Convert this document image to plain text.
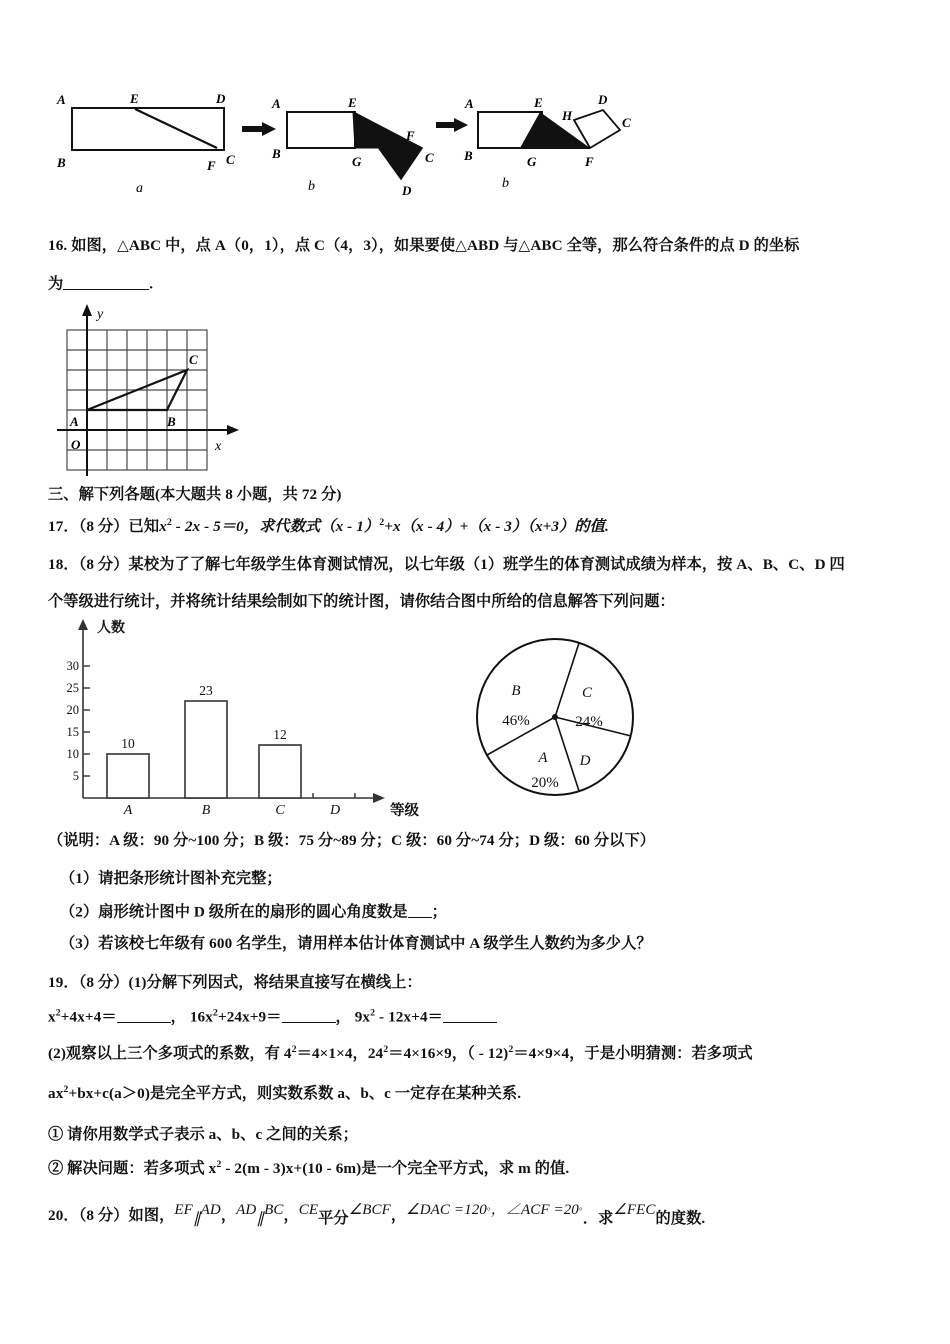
A	E	D
B	F C
a
A	E
B
G
F
C
D
b
A	E	D
H	C
B	G	F
b
16. 如图，△ABC 中，点 A（0，1），点 C（4，3），如果要使△ABD 与△ABC 全等，那么符合条件的点 D 的坐标
为	.
A	B
C
O
y
x
三、解下列各题(本大题共 8 小题，共 72 分)
17．（8 分）已知$x^2 - 2x - 5=0$，求代数式（x - 1）$^2$+x（x - 4）+（x - 3）（x+3）的值.
18．（8 分）某校为了了解七年级学生体育测试情况，以七年级（1）班学生的体育测试成绩为样本，按 A、B、C、D 四
个等级进行统计，并将统计结果绘制如下的统计图，请你结合图中所给的信息解答下列问题：
5
10
15
20
25
30
人数
10
23
12
A	B	C	D	等级
B
46%
C
24%
A
20%
D
（说明：A 级：90 分~100 分；B 级：75 分~89 分；C 级：60 分~74 分；D 级：60 分以下）
（1）请把条形统计图补充完整；
（2）扇形统计图中 D 级所在的扇形的圆心角度数是 ；
（3）若该校七年级有 600 名学生，请用样本估计体育测试中 A 级学生人数约为多少人？
19．（8 分）(1)分解下列因式，将结果直接写在横线上：
$x^2+4x+4=$	， $16x^2+24x+9=$	， $9x^2 - 12x+4=$
(2)观察以上三个多项式的系数，有 $4^2=4\times 1\times 4$，$24^2=4\times 16\times 9$，（ - 12)$^2$＝4×9×4，于是小明猜测：若多项式
$ax^2+bx+c(a>0)$是完全平方式，则实数系数 a、b、c 一定存在某种关系.
① 请你用数学式子表示 a、b、c 之间的关系；
② 解决问题：若多项式 $x^2 - 2(m - 3)x+(10 - 6m)$是一个完全平方式，求 m 的值.
20．（8 分）如图，EF∥AD，AD∥BC，CE平分∠BCF，∠DAC =120°，∠ACF =20°．求∠FEC的度数.
